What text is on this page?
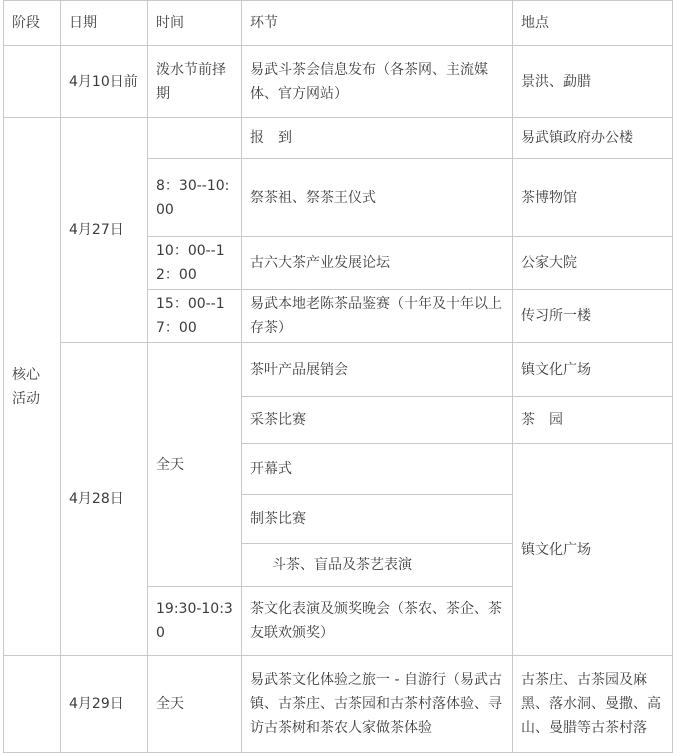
阶段	日期	时间	环节	地点
	4月10日前	泼水节前择期	易武斗茶会信息发布（各茶网、主流媒体、官方网站）	景洪、勐腊
核心活动	4月27日		报　到	易武镇政府办公楼
		8：30--10:00	祭茶祖、祭茶王仪式	茶博物馆
		10：00--12：00	古六大茶产业发展论坛	公家大院
		15：00--17：00	易武本地老陈茶品鉴赛（十年及十年以上存茶）	传习所一楼
	4月28日	全天	茶叶产品展销会	镇文化广场
			采茶比赛	茶　园
			开幕式	镇文化广场
			制茶比赛	
			斗茶、盲品及茶艺表演	
		19:30-10:30	茶文化表演及颁奖晚会（茶农、茶企、茶友联欢颁奖）	
	4月29日	全天	易武茶文化体验之旅一 - 自游行（易武古镇、古茶庄、古茶园和古茶村落体验、寻访古茶树和茶农人家做茶体验	古茶庄、古茶园及麻黑、落水洞、曼撒、高山、曼腊等古茶村落
